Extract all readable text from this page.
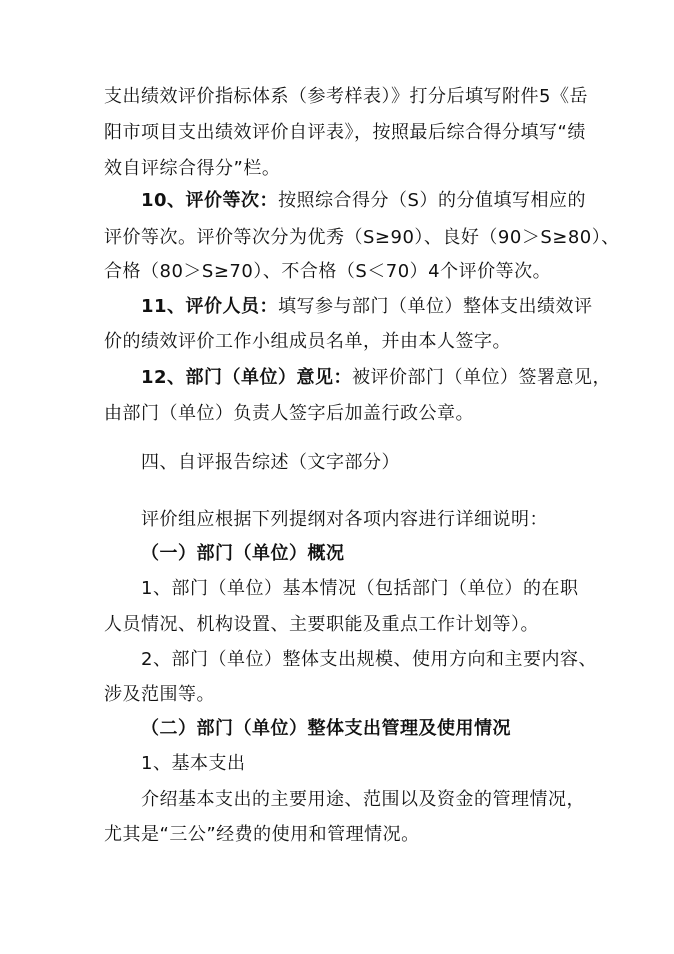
支出绩效评价指标体系（参考样表）》打分后填写附件5《岳
阳市项目支出绩效评价自评表》，按照最后综合得分填写“绩
效自评综合得分”栏。
10、评价等次：按照综合得分（S）的分值填写相应的
评价等次。评价等次分为优秀（S≥90）、良好（90＞S≥80）、
合格（80＞S≥70）、不合格（S＜70）4个评价等次。
11、评价人员：填写参与部门（单位）整体支出绩效评
价的绩效评价工作小组成员名单，并由本人签字。
12、部门（单位）意见：被评价部门（单位）签署意见，
由部门（单位）负责人签字后加盖行政公章。
四、自评报告综述（文字部分）
评价组应根据下列提纲对各项内容进行详细说明：
（一）部门（单位）概况
1、部门（单位）基本情况（包括部门（单位）的在职
人员情况、机构设置、主要职能及重点工作计划等）。
2、部门（单位）整体支出规模、使用方向和主要内容、
涉及范围等。
（二）部门（单位）整体支出管理及使用情况
1、基本支出
介绍基本支出的主要用途、范围以及资金的管理情况，
尤其是“三公”经费的使用和管理情况。
